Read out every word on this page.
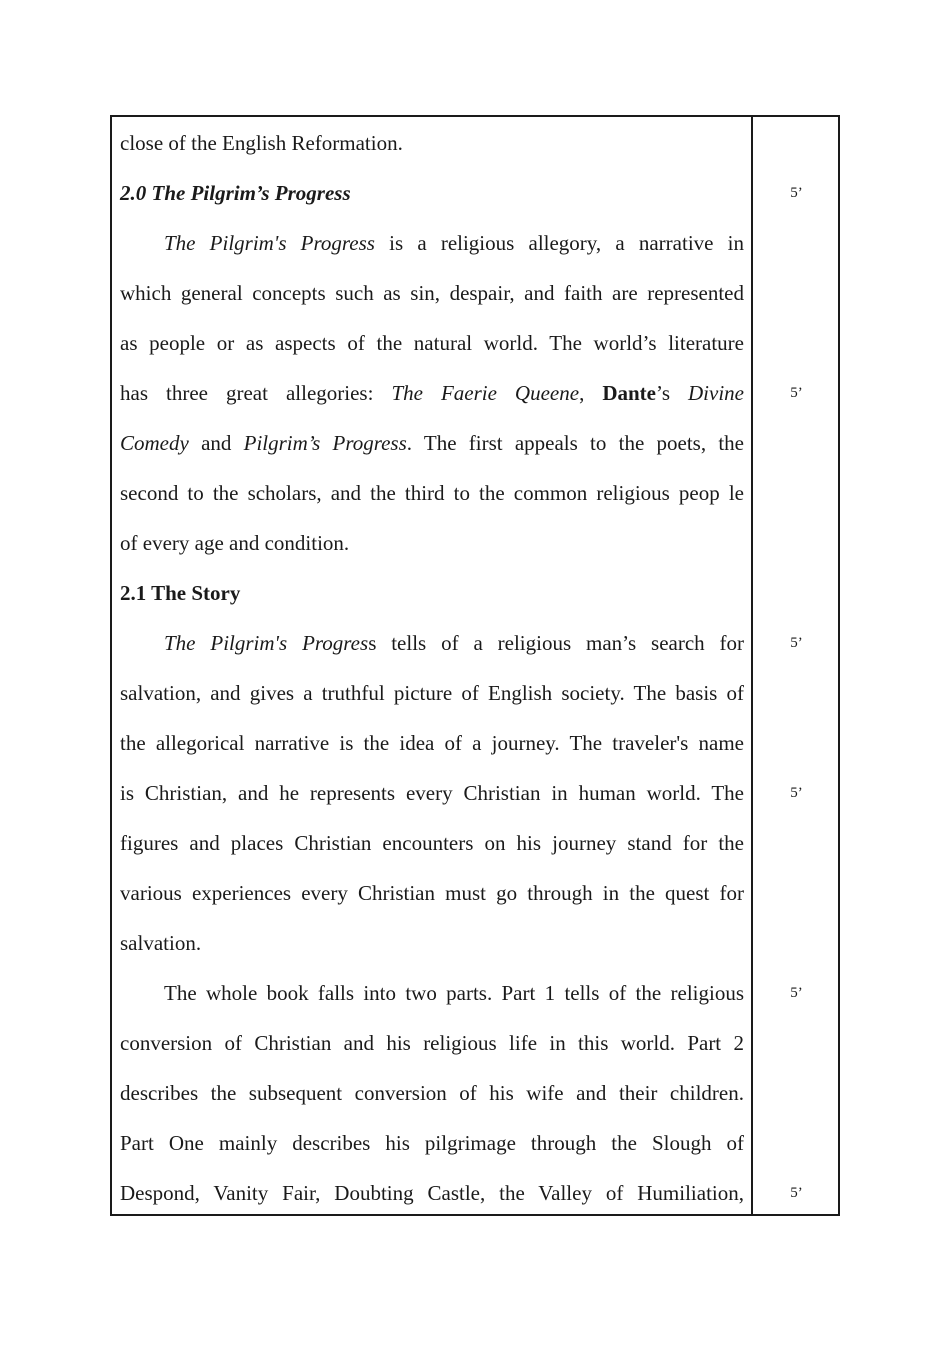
close of the English Reformation.
2.0 The Pilgrim’s Progress
The Pilgrim's Progress is a religious allegory, a narrative in
which general concepts such as sin, despair, and faith are represented
as people or as aspects of the natural world. The world’s literature
has three great allegories: The Faerie Queene, Dante’s Divine
Comedy and Pilgrim’s Progress. The first appeals to the poets, the
second to the scholars, and the third to the common religious peop le
of every age and condition.
2.1 The Story
The Pilgrim's Progress tells of a religious man’s search for
salvation, and gives a truthful picture of English society. The basis of
the allegorical narrative is the idea of a journey. The traveler's name
is Christian, and he represents every Christian in human world. The
figures and places Christian encounters on his journey stand for the
various experiences every Christian must go through in the quest for
salvation.
The whole book falls into two parts. Part 1 tells of the religious
conversion of Christian and his religious life in this world. Part 2
describes the subsequent conversion of his wife and their children.
Part One mainly describes his pilgrimage through the Slough of
Despond, Vanity Fair, Doubting Castle, the Valley of Humiliation,
5’
5’
5’
5’
5’
5’
